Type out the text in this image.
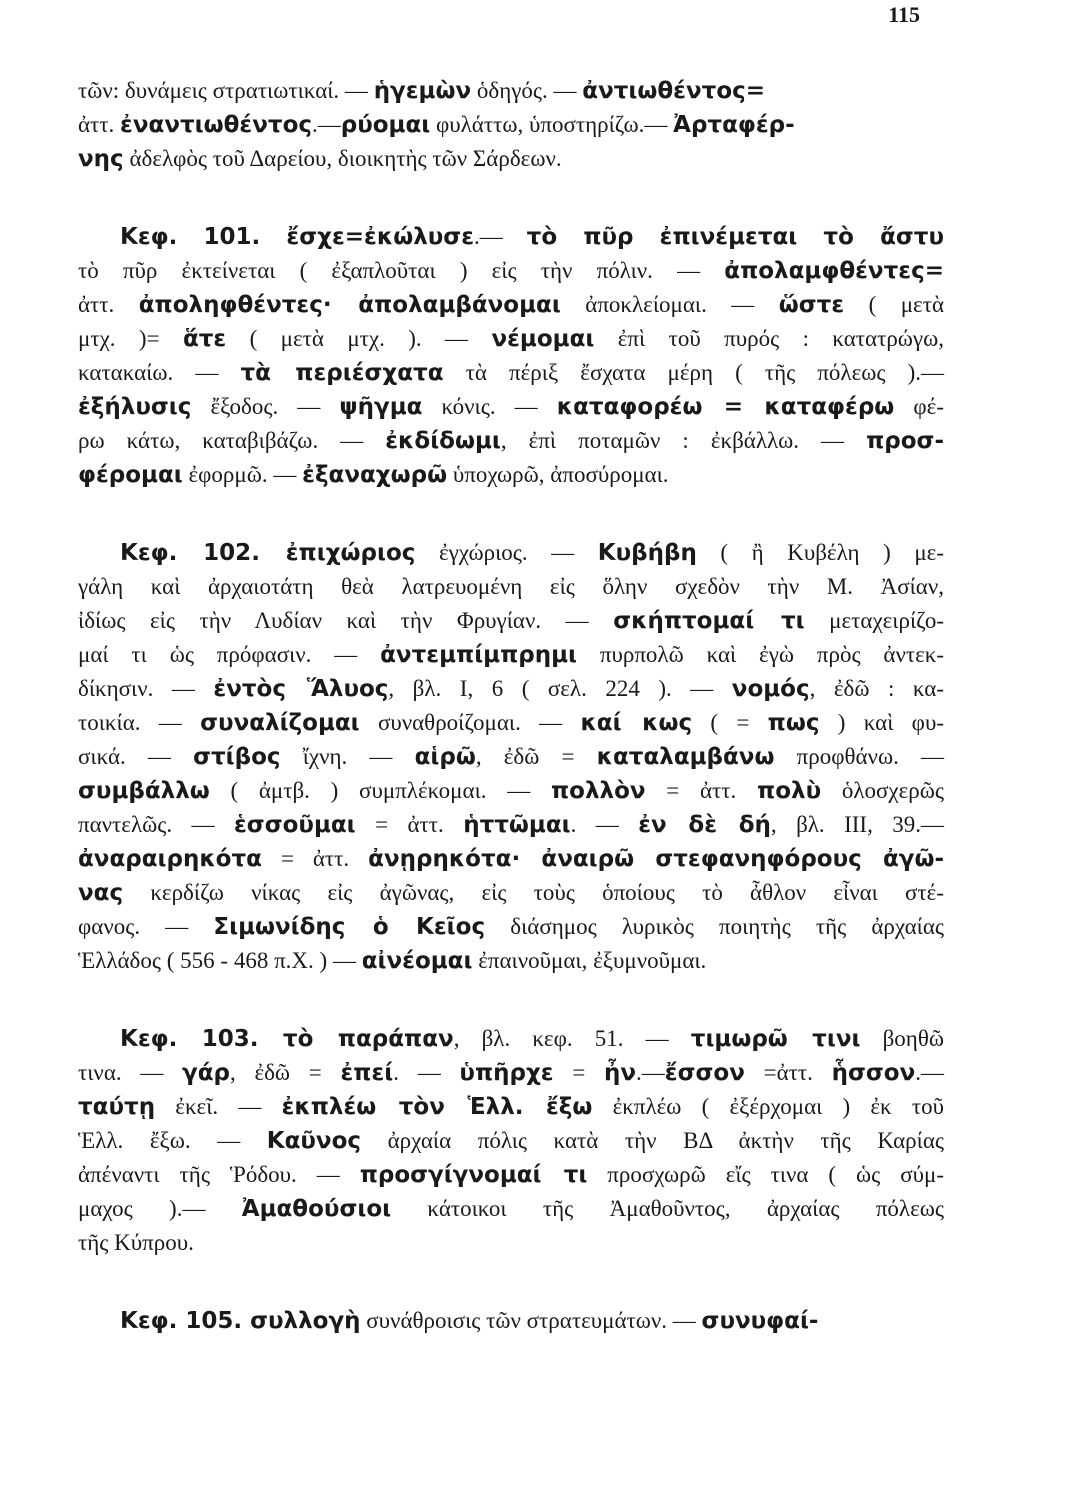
115
τῶν: δυνάμεις στρατιωτικαί. — ἡγεμὼν ὁδηγός. — ἀντιωθέντος=
ἀττ. ἐναντιωθέντος.—ρύομαι φυλάττω, ὑποστηρίζω.— Ἀρταφέρ-
νης ἀδελφὸς τοῦ Δαρείου, διοικητὴς τῶν Σάρδεων.
Κεφ. 101. ἔσχε=ἐκώλυσε.— τὸ πῦρ ἐπινέμεται τὸ ἄστυ
τὸ πῦρ ἐκτείνεται ( ἐξαπλοῦται ) εἰς τὴν πόλιν. — ἀπολαμφθέντες=
ἀττ. ἀποληφθέντες· ἀπολαμβάνομαι ἀποκλείομαι. — ὥστε ( μετὰ
μτχ. )= ἅτε ( μετὰ μτχ. ). — νέμομαι ἐπὶ τοῦ πυρός : κατατρώγω,
κατακαίω. — τὰ περιέσχατα τὰ πέριξ ἔσχατα μέρη ( τῆς πόλεως ).—
ἐξήλυσις ἔξοδος. — ψῆγμα κόνις. — καταφορέω = καταφέρω φέ-
ρω κάτω, καταβιβάζω. — ἐκδίδωμι, ἐπὶ ποταμῶν : ἐκβάλλω. — προσ-
φέρομαι ἐφορμῶ. — ἐξαναχωρῶ ὑποχωρῶ, ἀποσύρομαι.
Κεφ. 102. ἐπιχώριος ἐγχώριος. — Κυβήβη ( ἢ Κυβέλη ) με-
γάλη καὶ ἀρχαιοτάτη θεὰ λατρευομένη εἰς ὅλην σχεδὸν τὴν Μ. Ἀσίαν,
ἰδίως εἰς τὴν Λυδίαν καὶ τὴν Φρυγίαν. — σκήπτομαί τι μεταχειρίζο-
μαί τι ὡς πρόφασιν. — ἀντεμπίμπρημι πυρπολῶ καὶ ἐγὼ πρὸς ἀντεκ-
δίκησιν. — ἐντὸς Ἅλυος, βλ. I, 6 ( σελ. 224 ). — νομός, ἐδῶ : κα-
τοικία. — συναλίζομαι συναθροίζομαι. — καί κως ( = πως ) καὶ φυ-
σικά. — στίβος ἴχνη. — αἱρῶ, ἐδῶ = καταλαμβάνω προφθάνω. —
συμβάλλω ( ἀμτβ. ) συμπλέκομαι. — πολλὸν = ἀττ. πολὺ ὁλοσχερῶς
παντελῶς. — ἑσσοῦμαι = ἀττ. ἡττῶμαι. — ἐν δὲ δή, βλ. III, 39.—
ἀναραιρηκότα = ἀττ. ἀνῃρηκότα· ἀναιρῶ στεφανηφόρους ἀγῶ-
νας κερδίζω νίκας εἰς ἀγῶνας, εἰς τοὺς ὁποίους τὸ ἆθλον εἶναι στέ-
φανος. — Σιμωνίδης ὁ Κεῖος διάσημος λυρικὸς ποιητὴς τῆς ἀρχαίας
Ἑλλάδος ( 556 - 468 π.Χ. ) — αἰνέομαι ἐπαινοῦμαι, ἐξυμνοῦμαι.
Κεφ. 103. τὸ παράπαν, βλ. κεφ. 51. — τιμωρῶ τινι βοηθῶ
τινα. — γάρ, ἐδῶ = ἐπεί. — ὑπῆρχε = ἦν.—ἔσσον =ἀττ. ἧσσον.—
ταύτῃ ἐκεῖ. — ἐκπλέω τὸν Ἑλλ. ἔξω ἐκπλέω ( ἐξέρχομαι ) ἐκ τοῦ
Ἑλλ. ἔξω. — Καῦνος ἀρχαία πόλις κατὰ τὴν ΒΔ ἀκτὴν τῆς Καρίας
ἀπέναντι τῆς Ῥόδου. — προσγίγνομαί τι προσχωρῶ εἴς τινα ( ὡς σύμ-
μαχος ).— Ἀμαθούσιοι κάτοικοι τῆς Ἀμαθοῦντος, ἀρχαίας πόλεως
τῆς Κύπρου.
Κεφ. 105. συλλογὴ συνάθροισις τῶν στρατευμάτων. — συνυφαί-
